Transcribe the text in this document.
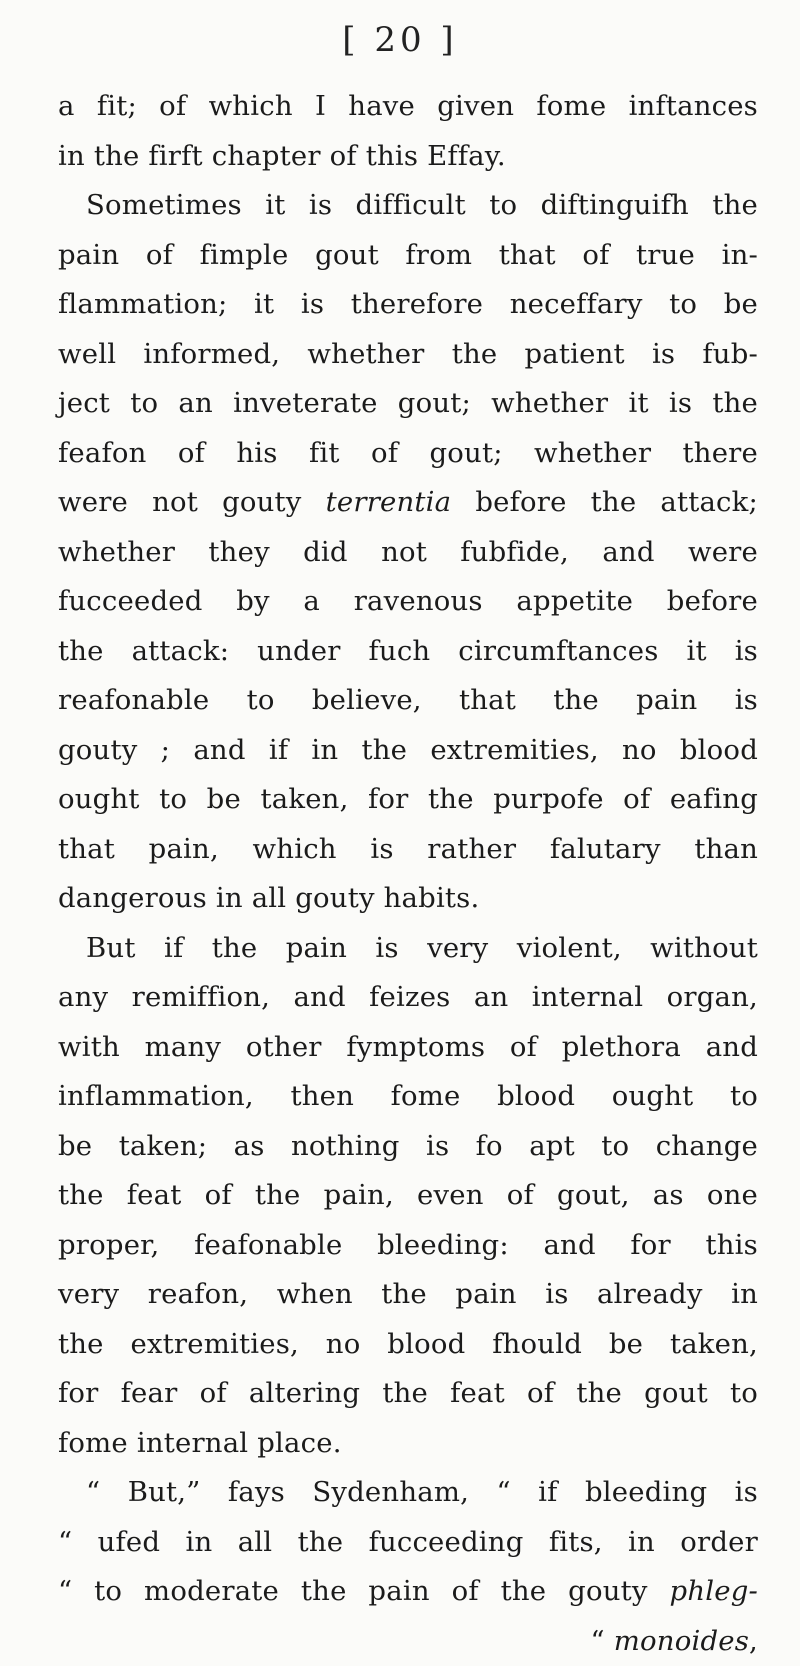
[ 20 ]
a fit; of which I have given fome inftances
in the firft chapter of this Effay.
Sometimes it is difficult to diftinguifh the
pain of fimple gout from that of true in-
flammation; it is therefore neceffary to be
well informed, whether the patient is fub-
ject to an inveterate gout; whether it is the
feafon of his fit of gout; whether there
were not gouty terrentia before the attack;
whether they did not fubfide, and were
fucceeded by a ravenous appetite before
the attack: under fuch circumftances it is
reafonable to believe, that the pain is
gouty ; and if in the extremities, no blood
ought to be taken, for the purpofe of eafing
that pain, which is rather falutary than
dangerous in all gouty habits.
But if the pain is very violent, without
any remiffion, and feizes an internal organ,
with many other fymptoms of plethora and
inflammation, then fome blood ought to
be taken; as nothing is fo apt to change
the feat of the pain, even of gout, as one
proper, feafonable bleeding: and for this
very reafon, when the pain is already in
the extremities, no blood fhould be taken,
for fear of altering the feat of the gout to
fome internal place.
“ But,” fays Sydenham, “ if bleeding is
“ ufed in all the fucceeding fits, in order
“ to moderate the pain of the gouty phleg-
“ monoides,
